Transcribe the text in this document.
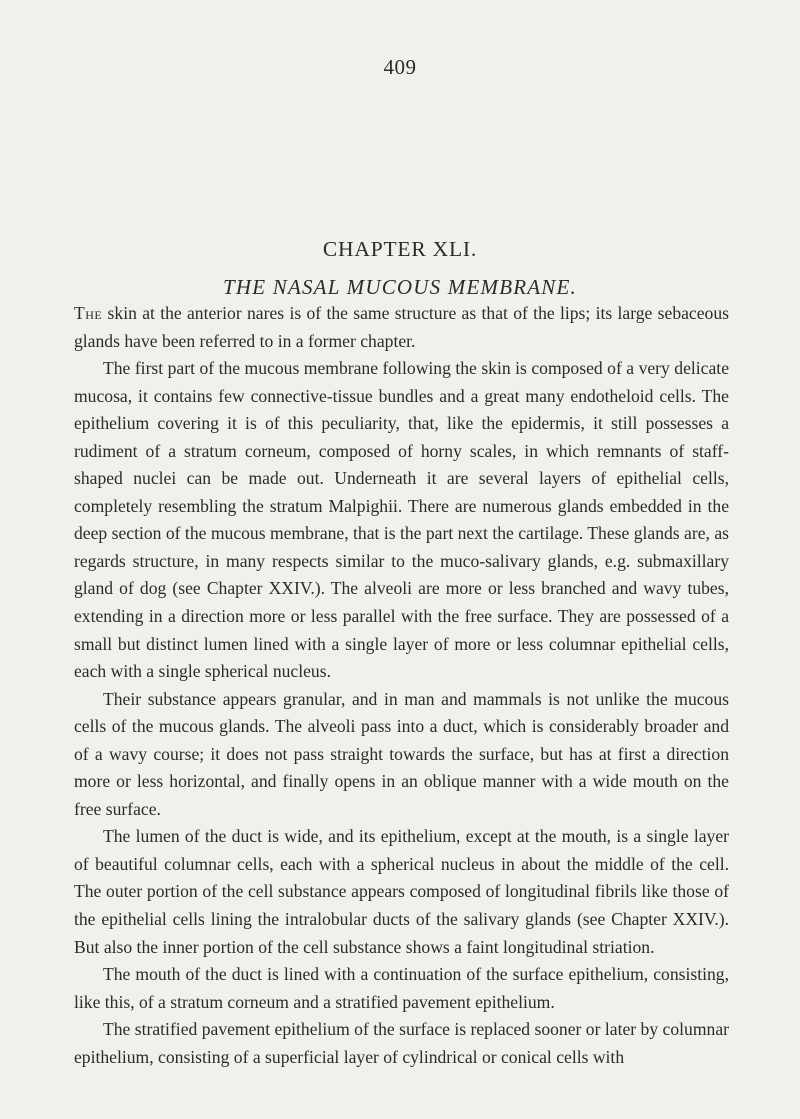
409
CHAPTER XLI.
THE NASAL MUCOUS MEMBRANE.

The skin at the anterior nares is of the same structure as that of the lips; its large sebaceous glands have been referred to in a former chapter.

The first part of the mucous membrane following the skin is composed of a very delicate mucosa, it contains few connective-tissue bundles and a great many endotheloid cells. The epithelium covering it is of this peculiarity, that, like the epidermis, it still possesses a rudiment of a stratum corneum, composed of horny scales, in which remnants of staff-shaped nuclei can be made out. Underneath it are several layers of epithelial cells, completely resembling the stratum Malpighii. There are numerous glands embedded in the deep section of the mucous membrane, that is the part next the cartilage. These glands are, as regards structure, in many respects similar to the muco-salivary glands, e.g. submaxillary gland of dog (see Chapter XXIV.). The alveoli are more or less branched and wavy tubes, extending in a direction more or less parallel with the free surface. They are possessed of a small but distinct lumen lined with a single layer of more or less columnar epithelial cells, each with a single spherical nucleus.

Their substance appears granular, and in man and mammals is not unlike the mucous cells of the mucous glands. The alveoli pass into a duct, which is considerably broader and of a wavy course; it does not pass straight towards the surface, but has at first a direction more or less horizontal, and finally opens in an oblique manner with a wide mouth on the free surface.

The lumen of the duct is wide, and its epithelium, except at the mouth, is a single layer of beautiful columnar cells, each with a spherical nucleus in about the middle of the cell. The outer portion of the cell substance appears composed of longitudinal fibrils like those of the epithelial cells lining the intralobular ducts of the salivary glands (see Chapter XXIV.). But also the inner portion of the cell substance shows a faint longitudinal striation.

The mouth of the duct is lined with a continuation of the surface epithelium, consisting, like this, of a stratum corneum and a stratified pavement epithelium.

The stratified pavement epithelium of the surface is replaced sooner or later by columnar epithelium, consisting of a superficial layer of cylindrical or conical cells with
